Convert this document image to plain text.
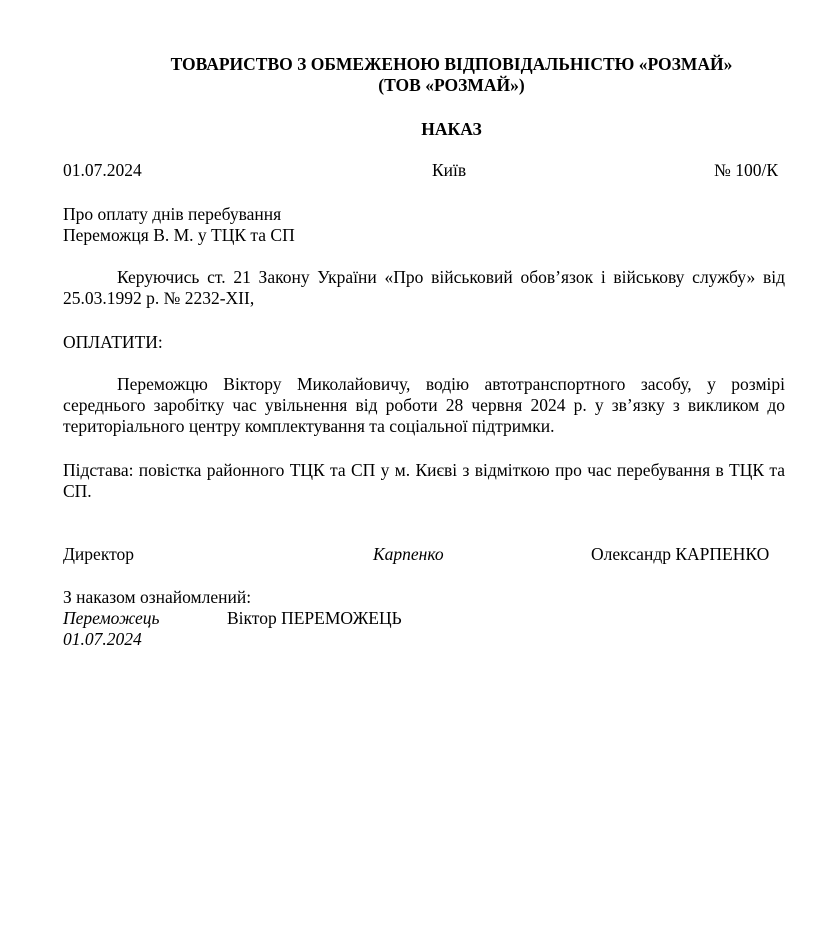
ТОВАРИСТВО З ОБМЕЖЕНОЮ ВІДПОВІДАЛЬНІСТЮ «РОЗМАЙ»
(ТОВ «РОЗМАЙ»)
НАКАЗ
01.07.2024	Київ	№ 100/К
Про оплату днів перебування
Переможця В. М. у ТЦК та СП
Керуючись ст. 21 Закону України «Про військовий обов’язок і військову службу» від 25.03.1992 р. № 2232-XII,
ОПЛАТИТИ:
Переможцю Віктору Миколайовичу, водію автотранспортного засобу, у розмірі середнього заробітку час увільнення від роботи 28 червня 2024 р. у зв’язку з викликом до територіального центру комплектування та соціальної підтримки.
Підстава: повістка районного ТЦК та СП у м. Києві з відміткою про час перебування в ТЦК та СП.
Директор	Карпенко	Олександр КАРПЕНКО
З наказом ознайомлений:
Переможець	Віктор ПЕРЕМОЖЕЦЬ
01.07.2024
